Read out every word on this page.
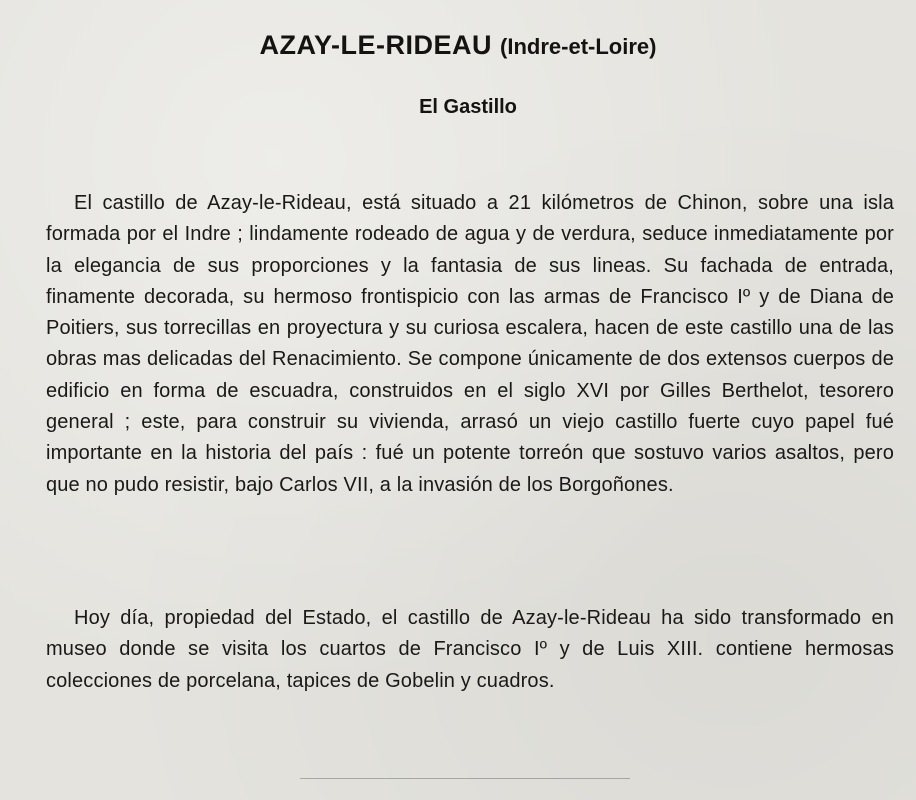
AZAY-LE-RIDEAU (Indre-et-Loire)
El Gastillo

El castillo de Azay-le-Rideau, está situado a 21 kilómetros de Chinon, sobre una isla formada por el Indre ; lindamente rodeado de agua y de verdura, seduce inmediatamente por la elegancia de sus proporciones y la fantasia de sus lineas. Su fachada de entrada, finamente decorada, su hermoso frontispicio con las armas de Francisco Iº y de Diana de Poitiers, sus torrecillas en proyectura y su curiosa escalera, hacen de este castillo una de las obras mas delicadas del Renacimiento. Se compone únicamente de dos extensos cuerpos de edificio en forma de escuadra, construidos en el siglo XVI por Gilles Berthelot, tesorero general ; este, para construir su vivienda, arrasó un viejo castillo fuerte cuyo papel fué importante en la historia del país : fué un potente torreón que sostuvo varios asaltos, pero que no pudo resistir, bajo Carlos VII, a la invasión de los Borgoñones.

Hoy día, propiedad del Estado, el castillo de Azay-le-Rideau ha sido transformado en museo donde se visita los cuartos de Francisco Iº y de Luis XIII. contiene hermosas colecciones de porcelana, tapices de Gobelin y cuadros.
